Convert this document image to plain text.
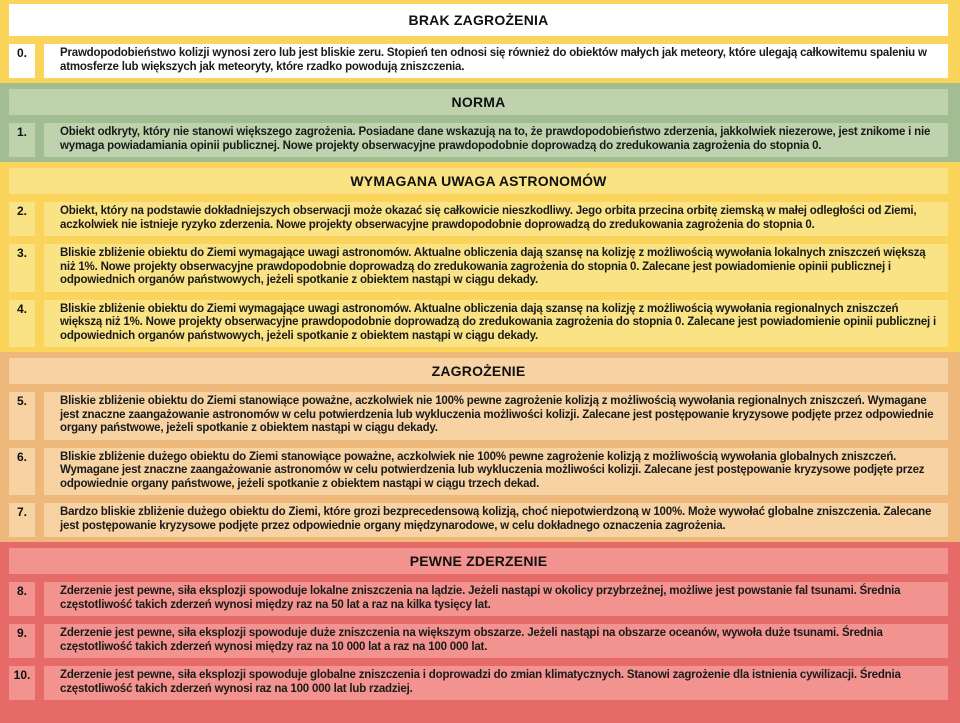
BRAK ZAGROŻENIA
0.	Prawdopodobieństwo kolizji wynosi zero lub jest bliskie zeru. Stopień ten odnosi się również do obiektów małych jak meteory, które ulegają całkowitemu spaleniu w atmosferze lub większych jak meteoryty, które rzadko powodują zniszczenia.
NORMA
1.	Obiekt odkryty, który nie stanowi większego zagrożenia. Posiadane dane wskazują na to, że prawdopodobieństwo zderzenia, jakkolwiek niezerowe, jest znikome i nie wymaga powiadamiania opinii publicznej. Nowe projekty obserwacyjne prawdopodobnie doprowadzą do zredukowania zagrożenia do stopnia 0.
WYMAGANA UWAGA ASTRONOMÓW
2.	Obiekt, który na podstawie dokładniejszych obserwacji może okazać się całkowicie nieszkodliwy. Jego orbita przecina orbitę ziemską w małej odległości od Ziemi, aczkolwiek nie istnieje ryzyko zderzenia. Nowe projekty obserwacyjne prawdopodobnie doprowadzą do zredukowania zagrożenia do stopnia 0.
3.	Bliskie zbliżenie obiektu do Ziemi wymagające uwagi astronomów. Aktualne obliczenia dają szansę na kolizję z możliwością wywołania lokalnych zniszczeń większą niż 1%. Nowe projekty obserwacyjne prawdopodobnie doprowadzą do zredukowania zagrożenia do stopnia 0. Zalecane jest powiadomienie opinii publicznej i odpowiednich organów państwowych, jeżeli spotkanie z obiektem nastąpi w ciągu dekady.
4.	Bliskie zbliżenie obiektu do Ziemi wymagające uwagi astronomów. Aktualne obliczenia dają szansę na kolizję z możliwością wywołania regionalnych zniszczeń większą niż 1%. Nowe projekty obserwacyjne prawdopodobnie doprowadzą do zredukowania zagrożenia do stopnia 0. Zalecane jest powiadomienie opinii publicznej i odpowiednich organów państwowych, jeżeli spotkanie z obiektem nastąpi w ciągu dekady.
ZAGROŻENIE
5.	Bliskie zbliżenie obiektu do Ziemi stanowiące poważne, aczkolwiek nie 100% pewne zagrożenie kolizją z możliwością wywołania regionalnych zniszczeń. Wymagane jest znaczne zaangażowanie astronomów w celu potwierdzenia lub wykluczenia możliwości kolizji. Zalecane jest postępowanie kryzysowe podjęte przez odpowiednie organy państwowe, jeżeli spotkanie z obiektem nastąpi w ciągu dekady.
6.	Bliskie zbliżenie dużego obiektu do Ziemi stanowiące poważne, aczkolwiek nie 100% pewne zagrożenie kolizją z możliwością wywołania globalnych zniszczeń. Wymagane jest znaczne zaangażowanie astronomów w celu potwierdzenia lub wykluczenia możliwości kolizji. Zalecane jest postępowanie kryzysowe podjęte przez odpowiednie organy państwowe, jeżeli spotkanie z obiektem nastąpi w ciągu trzech dekad.
7.	Bardzo bliskie zbliżenie dużego obiektu do Ziemi, które grozi bezprecedensową kolizją, choć niepotwierdzoną w 100%. Może wywołać globalne zniszczenia. Zalecane jest postępowanie kryzysowe podjęte przez odpowiednie organy międzynarodowe, w celu dokładnego oznaczenia zagrożenia.
PEWNE ZDERZENIE
8.	Zderzenie jest pewne, siła eksplozji spowoduje lokalne zniszczenia na lądzie. Jeżeli nastąpi w okolicy przybrzeżnej, możliwe jest powstanie fal tsunami. Średnia częstotliwość takich zderzeń wynosi między raz na 50 lat a raz na kilka tysięcy lat.
9.	Zderzenie jest pewne, siła eksplozji spowoduje duże zniszczenia na większym obszarze. Jeżeli nastąpi na obszarze oceanów, wywoła duże tsunami. Średnia częstotliwość takich zderzeń wynosi między raz na 10 000 lat a raz na 100 000 lat.
10.	Zderzenie jest pewne, siła eksplozji spowoduje globalne zniszczenia i doprowadzi do zmian klimatycznych. Stanowi zagrożenie dla istnienia cywilizacji. Średnia częstotliwość takich zderzeń wynosi raz na 100 000 lat lub rzadziej.
